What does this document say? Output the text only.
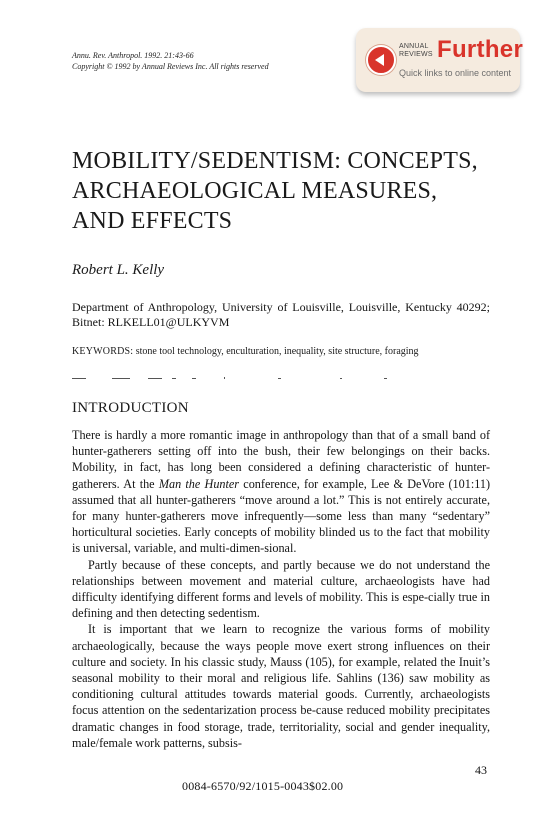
Annu. Rev. Anthropol. 1992. 21:43-66
Copyright © 1992 by Annual Reviews Inc. All rights reserved
ANNUAL
REVIEWS Further
Quick links to online content
MOBILITY/SEDENTISM: CONCEPTS,
ARCHAEOLOGICAL MEASURES,
AND EFFECTS
Robert L. Kelly
Department of Anthropology, University of Louisville, Louisville, Kentucky 40292;
Bitnet: RLKELL01@ULKYVM
KEYWORDS: stone tool technology, enculturation, inequality, site structure, foraging
INTRODUCTION

There is hardly a more romantic image in anthropology than that of a small band of hunter-gatherers setting off into the bush, their few belongings on their backs. Mobility, in fact, has long been considered a defining characteristic of hunter-gatherers. At the Man the Hunter conference, for example, Lee & DeVore (101:11) assumed that all hunter-gatherers “move around a lot.” This is not entirely accurate, for many hunter-gatherers move infrequently—some less than many “sedentary” horticultural societies. Early concepts of mobility blinded us to the fact that mobility is universal, variable, and multi-dimen-sional.

Partly because of these concepts, and partly because we do not understand the relationships between movement and material culture, archaeologists have had difficulty identifying different forms and levels of mobility. This is espe-cially true in defining and then detecting sedentism.

It is important that we learn to recognize the various forms of mobility archaeologically, because the ways people move exert strong influences on their culture and society. In his classic study, Mauss (105), for example, related the Inuit’s seasonal mobility to their moral and religious life. Sahlins (136) saw mobility as conditioning cultural attitudes towards material goods. Currently, archaeologists focus attention on the sedentarization process be-cause reduced mobility precipitates dramatic changes in food storage, trade, territoriality, social and gender inequality, male/female work patterns, subsis-

43
0084-6570/92/1015-0043$02.00
